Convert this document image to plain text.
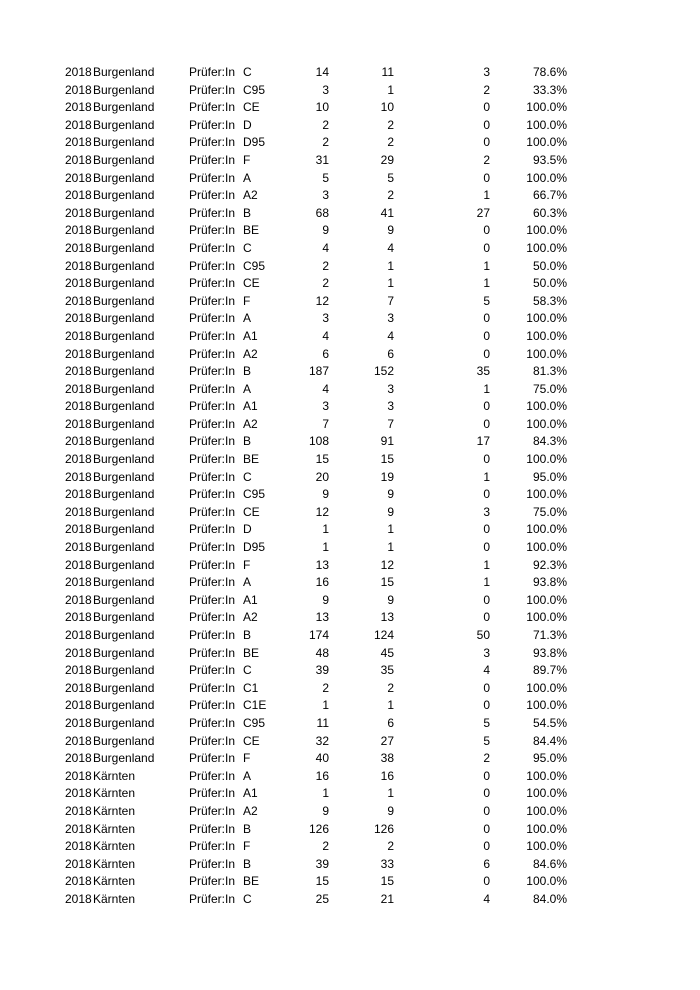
2018 Burgenland	Prüfer:In C	14	11	3	78.6%
2018 Burgenland	Prüfer:In C95	3	1	2	33.3%
2018 Burgenland	Prüfer:In CE	10	10	0	100.0%
2018 Burgenland	Prüfer:In D	2	2	0	100.0%
2018 Burgenland	Prüfer:In D95	2	2	0	100.0%
2018 Burgenland	Prüfer:In F	31	29	2	93.5%
2018 Burgenland	Prüfer:In A	5	5	0	100.0%
2018 Burgenland	Prüfer:In A2	3	2	1	66.7%
2018 Burgenland	Prüfer:In B	68	41	27	60.3%
2018 Burgenland	Prüfer:In BE	9	9	0	100.0%
2018 Burgenland	Prüfer:In C	4	4	0	100.0%
2018 Burgenland	Prüfer:In C95	2	1	1	50.0%
2018 Burgenland	Prüfer:In CE	2	1	1	50.0%
2018 Burgenland	Prüfer:In F	12	7	5	58.3%
2018 Burgenland	Prüfer:In A	3	3	0	100.0%
2018 Burgenland	Prüfer:In A1	4	4	0	100.0%
2018 Burgenland	Prüfer:In A2	6	6	0	100.0%
2018 Burgenland	Prüfer:In B	187	152	35	81.3%
2018 Burgenland	Prüfer:In A	4	3	1	75.0%
2018 Burgenland	Prüfer:In A1	3	3	0	100.0%
2018 Burgenland	Prüfer:In A2	7	7	0	100.0%
2018 Burgenland	Prüfer:In B	108	91	17	84.3%
2018 Burgenland	Prüfer:In BE	15	15	0	100.0%
2018 Burgenland	Prüfer:In C	20	19	1	95.0%
2018 Burgenland	Prüfer:In C95	9	9	0	100.0%
2018 Burgenland	Prüfer:In CE	12	9	3	75.0%
2018 Burgenland	Prüfer:In D	1	1	0	100.0%
2018 Burgenland	Prüfer:In D95	1	1	0	100.0%
2018 Burgenland	Prüfer:In F	13	12	1	92.3%
2018 Burgenland	Prüfer:In A	16	15	1	93.8%
2018 Burgenland	Prüfer:In A1	9	9	0	100.0%
2018 Burgenland	Prüfer:In A2	13	13	0	100.0%
2018 Burgenland	Prüfer:In B	174	124	50	71.3%
2018 Burgenland	Prüfer:In BE	48	45	3	93.8%
2018 Burgenland	Prüfer:In C	39	35	4	89.7%
2018 Burgenland	Prüfer:In C1	2	2	0	100.0%
2018 Burgenland	Prüfer:In C1E	1	1	0	100.0%
2018 Burgenland	Prüfer:In C95	11	6	5	54.5%
2018 Burgenland	Prüfer:In CE	32	27	5	84.4%
2018 Burgenland	Prüfer:In F	40	38	2	95.0%
2018 Kärnten	Prüfer:In A	16	16	0	100.0%
2018 Kärnten	Prüfer:In A1	1	1	0	100.0%
2018 Kärnten	Prüfer:In A2	9	9	0	100.0%
2018 Kärnten	Prüfer:In B	126	126	0	100.0%
2018 Kärnten	Prüfer:In F	2	2	0	100.0%
2018 Kärnten	Prüfer:In B	39	33	6	84.6%
2018 Kärnten	Prüfer:In BE	15	15	0	100.0%
2018 Kärnten	Prüfer:In C	25	21	4	84.0%
